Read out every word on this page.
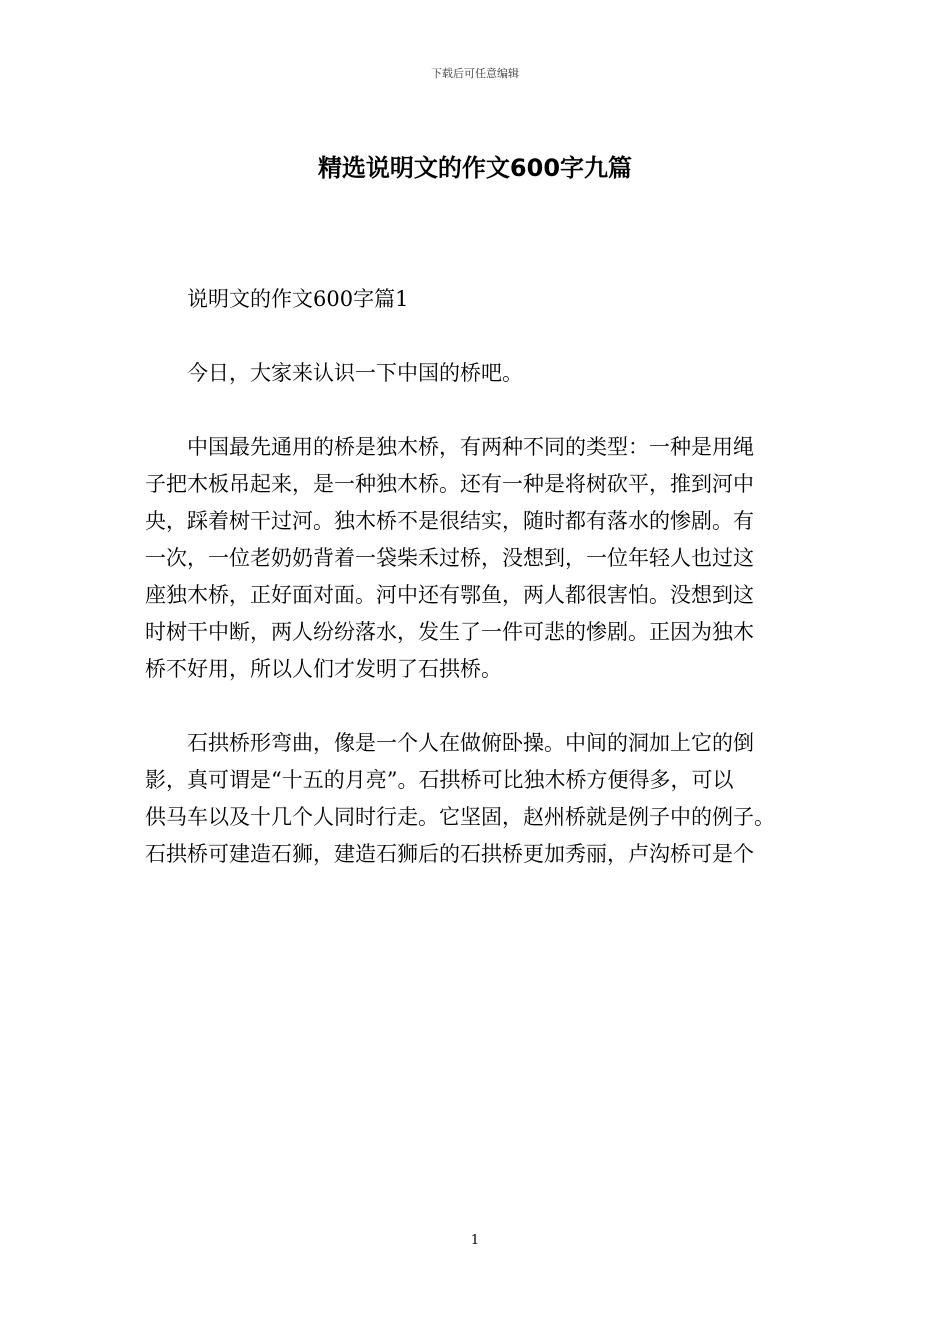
下载后可任意编辑
精选说明文的作文600字九篇

说明文的作文600字篇1

今日，大家来认识一下中国的桥吧。

中国最先通用的桥是独木桥，有两种不同的类型：一种是用绳
子把木板吊起来，是一种独木桥。还有一种是将树砍平，推到河中
央，踩着树干过河。独木桥不是很结实，随时都有落水的惨剧。有
一次，一位老奶奶背着一袋柴禾过桥，没想到，一位年轻人也过这
座独木桥，正好面对面。河中还有鄂鱼，两人都很害怕。没想到这
时树干中断，两人纷纷落水，发生了一件可悲的惨剧。正因为独木
桥不好用，所以人们才发明了石拱桥。

石拱桥形弯曲，像是一个人在做俯卧操。中间的洞加上它的倒
影，真可谓是“十五的月亮”。石拱桥可比独木桥方便得多，可以
供马车以及十几个人同时行走。它坚固，赵州桥就是例子中的例子。
石拱桥可建造石狮，建造石狮后的石拱桥更加秀丽，卢沟桥可是个

1
